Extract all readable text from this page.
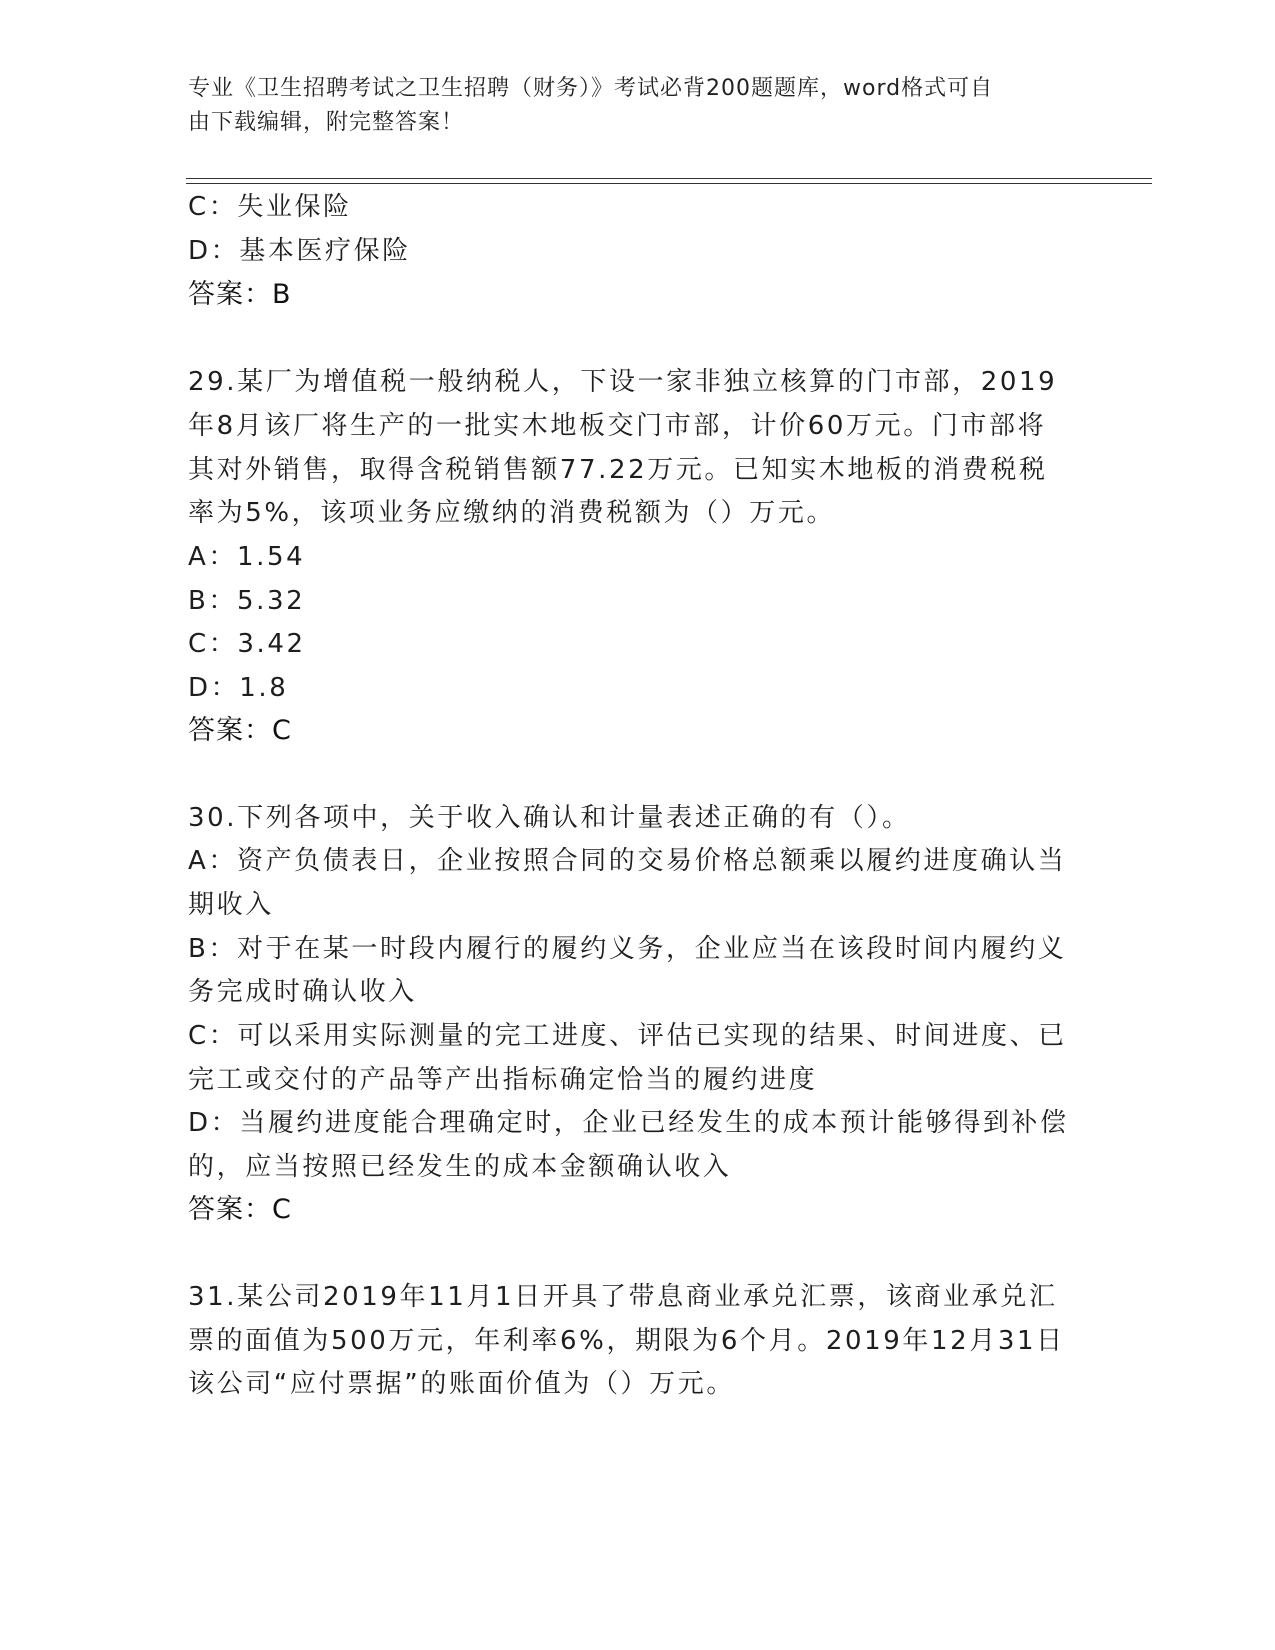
专业《卫生招聘考试之卫生招聘（财务）》考试必背200题题库，word格式可自
由下载编辑，附完整答案！
C：失业保险
D：基本医疗保险
答案：B
29.某厂为增值税一般纳税人，下设一家非独立核算的门市部，2019
年8月该厂将生产的一批实木地板交门市部，计价60万元。门市部将
其对外销售，取得含税销售额77.22万元。已知实木地板的消费税税
率为5%，该项业务应缴纳的消费税额为（）万元。
A：1.54
B：5.32
C：3.42
D：1.8
答案：C
30.下列各项中，关于收入确认和计量表述正确的有（）。
A：资产负债表日，企业按照合同的交易价格总额乘以履约进度确认当
期收入
B：对于在某一时段内履行的履约义务，企业应当在该段时间内履约义
务完成时确认收入
C：可以采用实际测量的完工进度、评估已实现的结果、时间进度、已
完工或交付的产品等产出指标确定恰当的履约进度
D：当履约进度能合理确定时，企业已经发生的成本预计能够得到补偿
的，应当按照已经发生的成本金额确认收入
答案：C
31.某公司2019年11月1日开具了带息商业承兑汇票，该商业承兑汇
票的面值为500万元，年利率6%，期限为6个月。2019年12月31日
该公司“应付票据”的账面价值为（）万元。
